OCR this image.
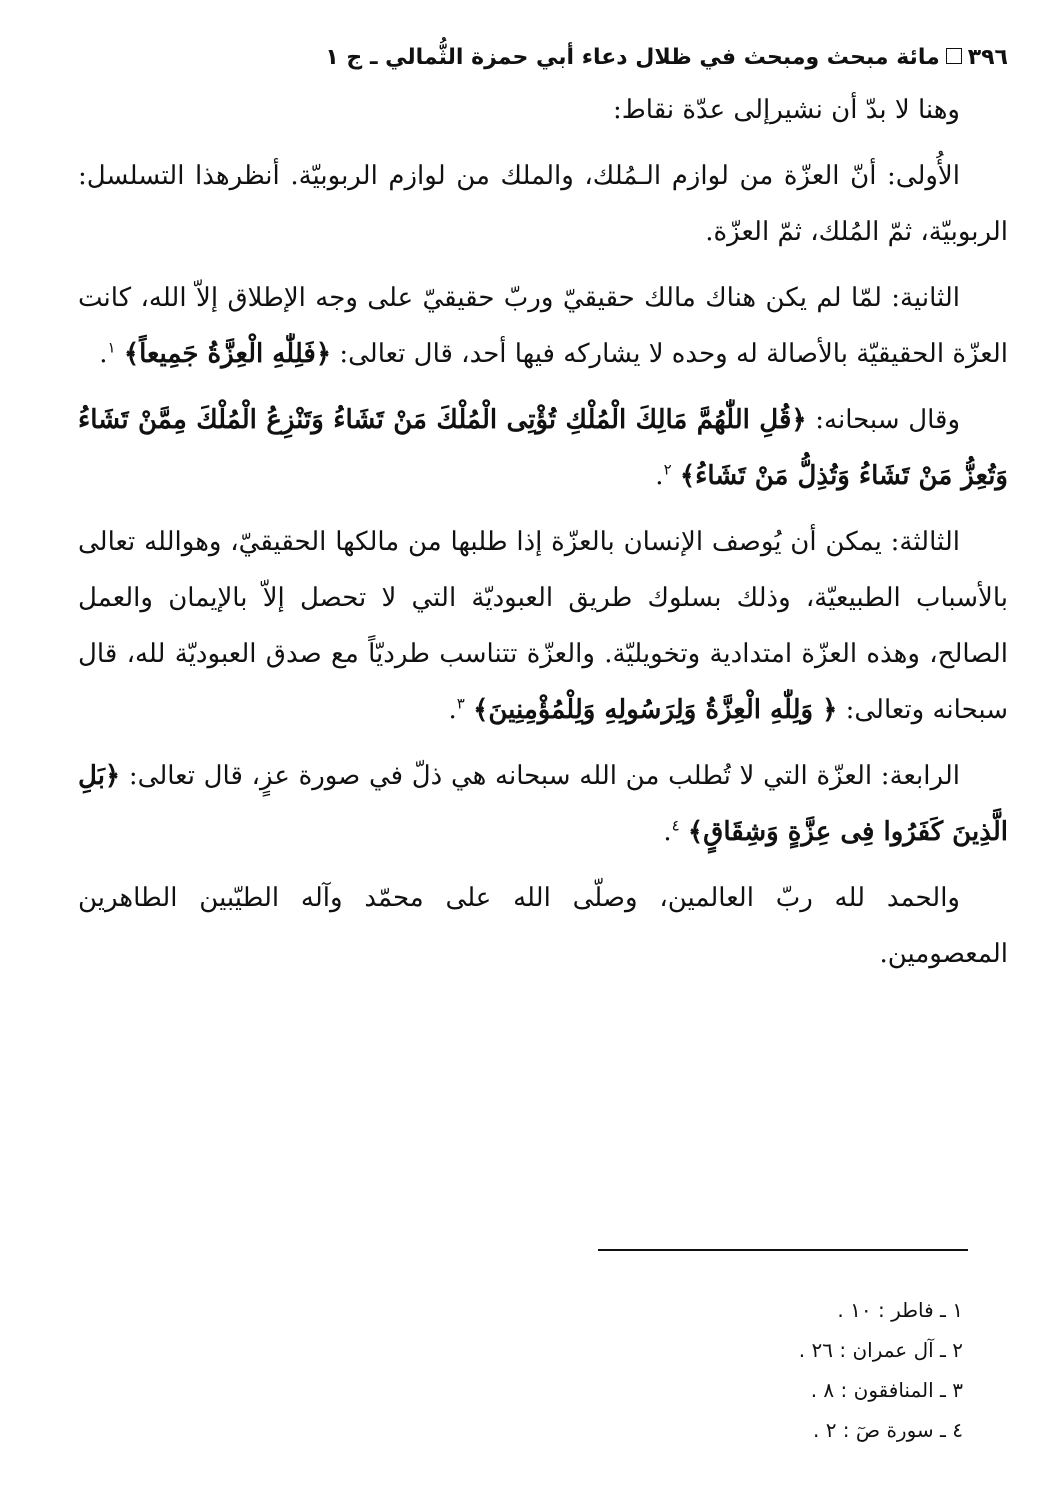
٣٩٦مائة مبحث ومبحث في ظلال دعاء أبي حمزة الثُّمالي ـ ج ١

وهنا لا بدّ أن نشيرإلى عدّة نقاط:

الأُولى: أنّ العزّة من لوازم الـمُلك، والملك من لوازم الربوبيّة. أنظرهذا التسلسل: الربوبيّة، ثمّ المُلك، ثمّ العزّة.

الثانية: لمّا لم يكن هناك مالك حقيقيّ وربّ حقيقيّ على وجه الإطلاق إلاّ الله، كانت العزّة الحقيقيّة بالأصالة له وحده لا يشاركه فيها أحد، قال تعالى: ﴿فَلِلّٰهِ الْعِزَّةُ جَمِيعاً﴾ $^١$.

وقال سبحانه: ﴿قُلِ اللّٰهُمَّ مَالِكَ الْمُلْكِ تُؤْتِى الْمُلْكَ مَنْ تَشَاءُ وَتَنْزِعُ الْمُلْكَ مِمَّنْ تَشَاءُ وَتُعِزُّ مَنْ تَشَاءُ وَتُذِلُّ مَنْ تَشَاءُ﴾ $^٢$.

الثالثة: يمكن أن يُوصف الإنسان بالعزّة إذا طلبها من مالكها الحقيقيّ، وهوالله تعالى بالأسباب الطبيعيّة، وذلك بسلوك طريق العبوديّة التي لا تحصل إلاّ بالإيمان والعمل الصالح، وهذه العزّة امتدادية وتخويليّة. والعزّة تتناسب طرديّاً مع صدق العبوديّة لله، قال سبحانه وتعالى: ﴿ وَلِلّٰهِ الْعِزَّةُ وَلِرَسُولِهِ وَلِلْمُؤْمِنِينَ﴾ $^٣$.

الرابعة: العزّة التي لا تُطلب من الله سبحانه هي ذلّ في صورة عزٍ، قال تعالى: ﴿بَلِ الَّذِينَ كَفَرُوا فِى عِزَّةٍ وَشِقَاقٍ﴾ $^٤$.

والحمد لله ربّ العالمين، وصلّى الله على محمّد وآله الطيّبين الطاهرين المعصومين.

١ ـ فاطر : ١٠ .
٢ ـ آل عمران : ٢٦ .
٣ ـ المنافقون : ٨ .
٤ ـ سورة صٓ : ٢ .
